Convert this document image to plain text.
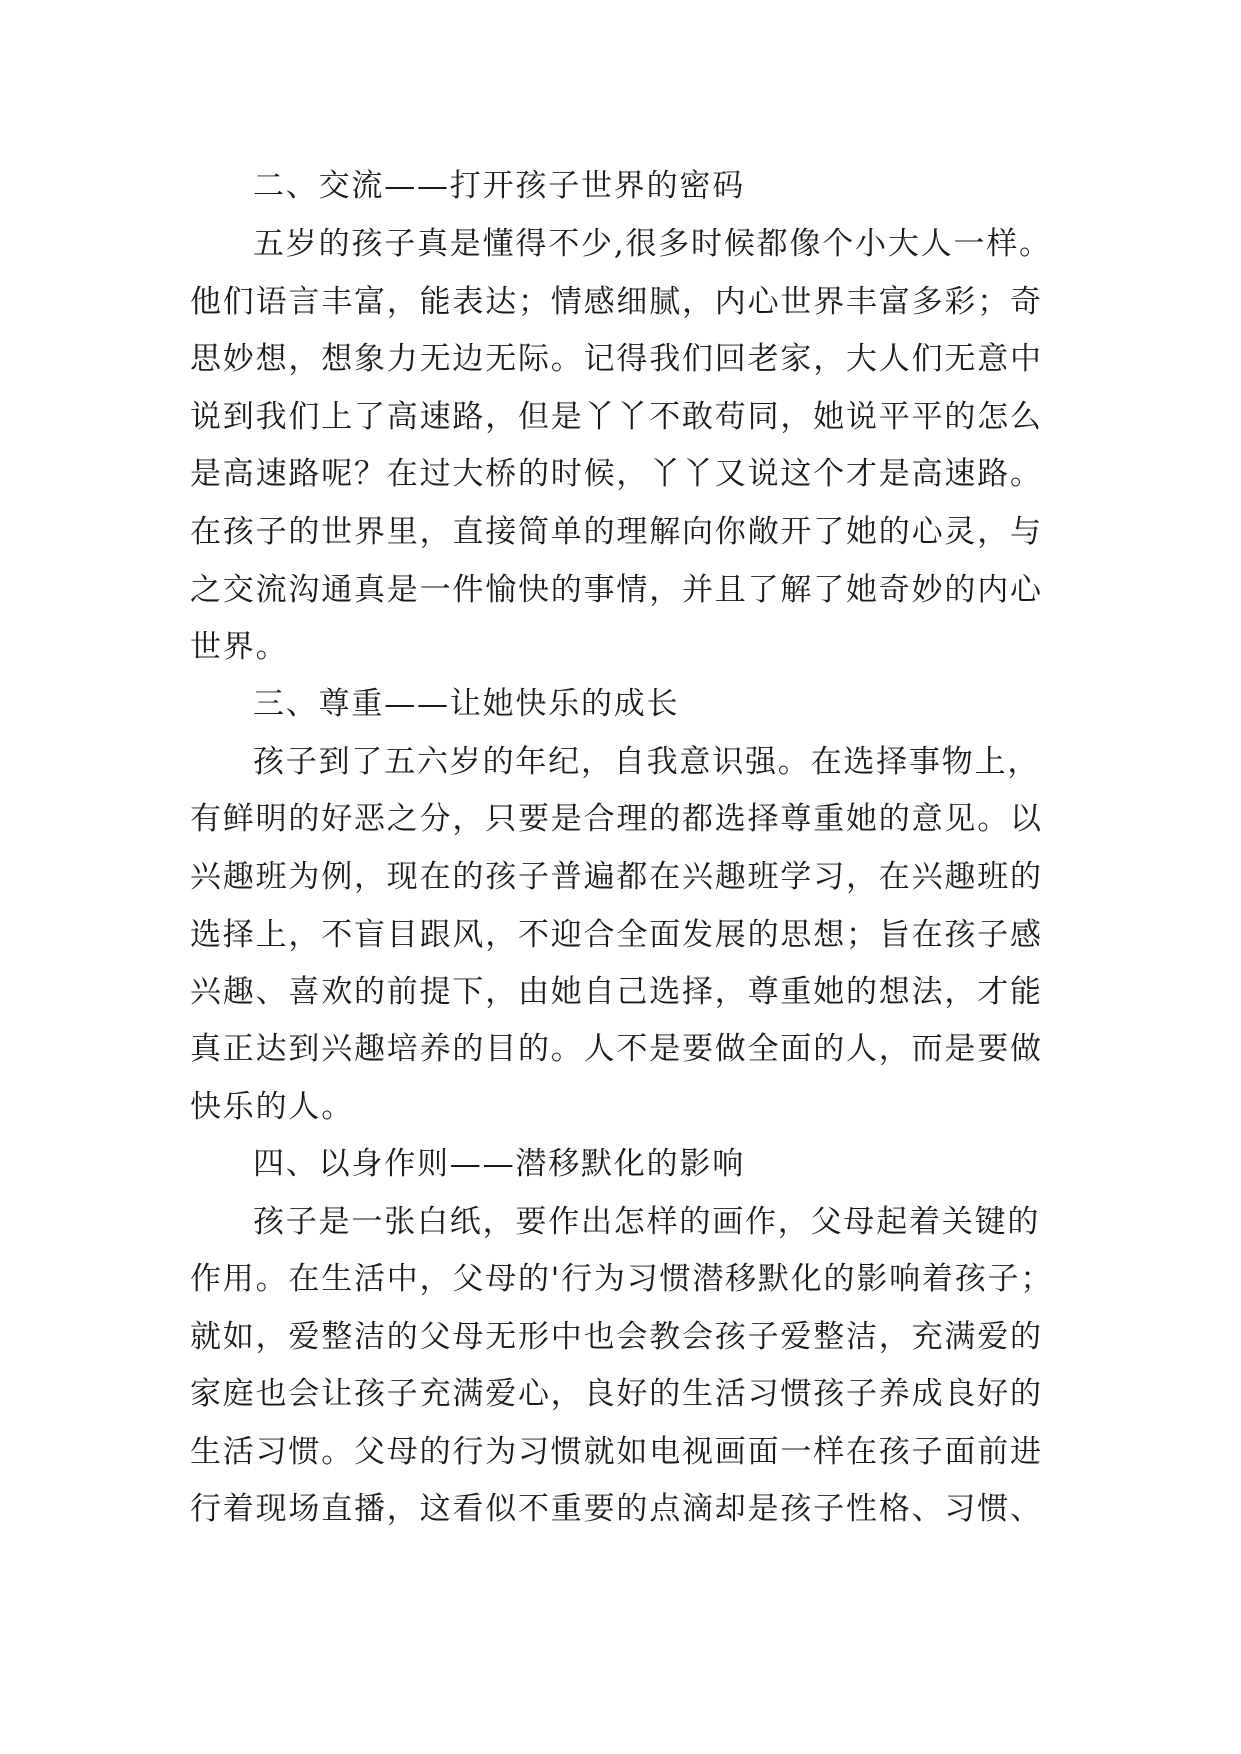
二、交流——打开孩子世界的密码

五岁的孩子真是懂得不少,很多时候都像个小大人一样。

他们语言丰富，能表达；情感细腻，内心世界丰富多彩；奇

思妙想，想象力无边无际。记得我们回老家，大人们无意中

说到我们上了高速路，但是丫丫不敢苟同，她说平平的怎么

是高速路呢？在过大桥的时候，丫丫又说这个才是高速路。

在孩子的世界里，直接简单的理解向你敞开了她的心灵，与

之交流沟通真是一件愉快的事情，并且了解了她奇妙的内心

世界。

三、尊重——让她快乐的成长

孩子到了五六岁的年纪，自我意识强。在选择事物上，

有鲜明的好恶之分，只要是合理的都选择尊重她的意见。以

兴趣班为例，现在的孩子普遍都在兴趣班学习，在兴趣班的

选择上，不盲目跟风，不迎合全面发展的思想；旨在孩子感

兴趣、喜欢的前提下，由她自己选择，尊重她的想法，才能

真正达到兴趣培养的目的。人不是要做全面的人，而是要做

快乐的人。

四、以身作则——潜移默化的影响

孩子是一张白纸，要作出怎样的画作，父母起着关键的

作用。在生活中，父母的'行为习惯潜移默化的影响着孩子；

就如，爱整洁的父母无形中也会教会孩子爱整洁，充满爱的

家庭也会让孩子充满爱心，良好的生活习惯孩子养成良好的

生活习惯。父母的行为习惯就如电视画面一样在孩子面前进

行着现场直播，这看似不重要的点滴却是孩子性格、习惯、
